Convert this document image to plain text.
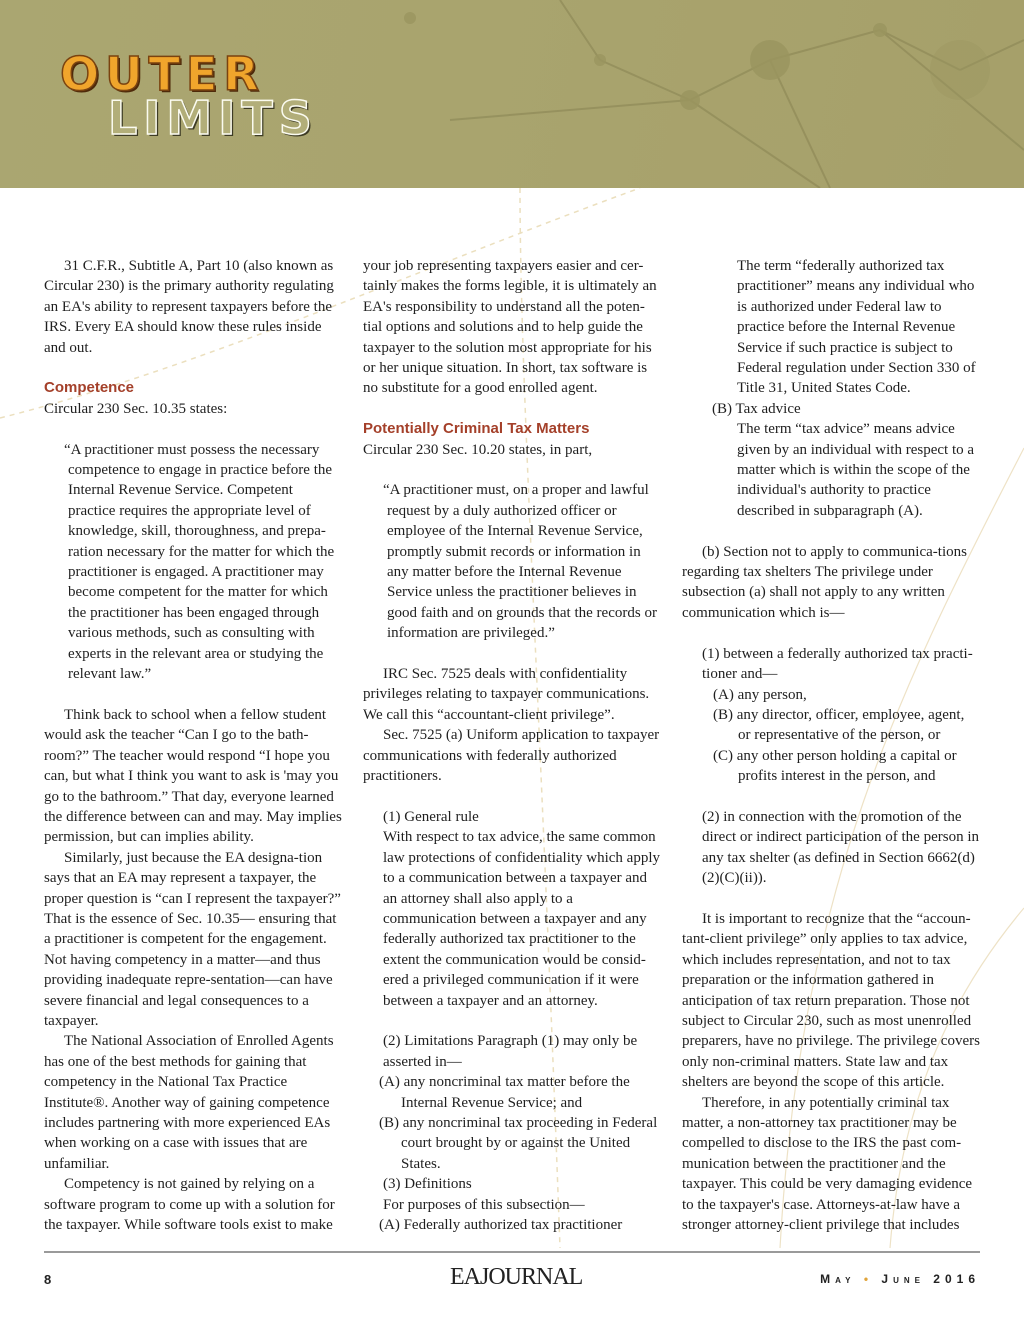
OUTER
LIMITS

31 C.F.R., Subtitle A, Part 10 (also known as Circular 230) is the primary authority regulating an EA's ability to represent taxpayers before the IRS. Every EA should know these rules inside and out.

Competence

Circular 230 Sec. 10.35 states:

“A practitioner must possess the necessary competence to engage in practice before the Internal Revenue Service. Competent practice requires the appropriate level of knowledge, skill, thoroughness, and prepa-ration necessary for the matter for which the practitioner is engaged. A practitioner may become competent for the matter for which the practitioner has been engaged through various methods, such as consulting with experts in the relevant area or studying the relevant law.”

Think back to school when a fellow student would ask the teacher “Can I go to the bath-room?” The teacher would respond “I hope you can, but what I think you want to ask is 'may you go to the bathroom.” That day, everyone learned the difference between can and may. May implies permission, but can implies ability.

Similarly, just because the EA designa-tion says that an EA may represent a taxpayer, the proper question is “can I represent the taxpayer?” That is the essence of Sec. 10.35— ensuring that a practitioner is competent for the engagement. Not having competency in a matter—and thus providing inadequate repre-sentation—can have severe financial and legal consequences to a taxpayer.

The National Association of Enrolled Agents has one of the best methods for gaining that competency in the National Tax Practice Institute®. Another way of gaining competence includes partnering with more experienced EAs when working on a case with issues that are unfamiliar.

Competency is not gained by relying on a software program to come up with a solution for the taxpayer. While software tools exist to make

your job representing taxpayers easier and cer-tainly makes the forms legible, it is ultimately an EA's responsibility to understand all the poten-tial options and solutions and to help guide the taxpayer to the solution most appropriate for his or her unique situation. In short, tax software is no substitute for a good enrolled agent.

Potentially Criminal Tax Matters

Circular 230 Sec. 10.20 states, in part,

“A practitioner must, on a proper and lawful request by a duly authorized officer or employee of the Internal Revenue Service, promptly submit records or information in any matter before the Internal Revenue Service unless the practitioner believes in good faith and on grounds that the records or information are privileged.”

IRC Sec. 7525 deals with confidentiality privileges relating to taxpayer communications. We call this “accountant-client privilege”.

Sec. 7525 (a) Uniform application to taxpayer communications with federally authorized practitioners.

(1) General rule

With respect to tax advice, the same common law protections of confidentiality which apply to a communication between a taxpayer and an attorney shall also apply to a communication between a taxpayer and any federally authorized tax practitioner to the extent the communication would be consid-ered a privileged communication if it were between a taxpayer and an attorney.

(2) Limitations Paragraph (1) may only be asserted in—

(A) any noncriminal tax matter before the Internal Revenue Service; and

(B) any noncriminal tax proceeding in Federal court brought by or against the United States.

(3) Definitions

For purposes of this subsection—

(A) Federally authorized tax practitioner

The term “federally authorized tax practitioner” means any individual who is authorized under Federal law to practice before the Internal Revenue Service if such practice is subject to Federal regulation under Section 330 of Title 31, United States Code.

(B) Tax advice

The term “tax advice” means advice given by an individual with respect to a matter which is within the scope of the individual's authority to practice described in subparagraph (A).

(b) Section not to apply to communica-tions regarding tax shelters The privilege under subsection (a) shall not apply to any written communication which is—

(1) between a federally authorized tax practi-tioner and—

(A) any person,

(B) any director, officer, employee, agent, or representative of the person, or

(C) any other person holding a capital or profits interest in the person, and

(2) in connection with the promotion of the direct or indirect participation of the person in any tax shelter (as defined in Section 6662(d)(2)(C)(ii)).

It is important to recognize that the “accoun-tant-client privilege” only applies to tax advice, which includes representation, and not to tax preparation or the information gathered in anticipation of tax return preparation. Those not subject to Circular 230, such as most unenrolled preparers, have no privilege. The privilege covers only non-criminal matters. State law and tax shelters are beyond the scope of this article.

Therefore, in any potentially criminal tax matter, a non-attorney tax practitioner may be compelled to disclose to the IRS the past com-munication between the practitioner and the taxpayer. This could be very damaging evidence to the taxpayer's case. Attorneys-at-law have a stronger attorney-client privilege that includes

8	EAJOURNAL	May • June 2016
